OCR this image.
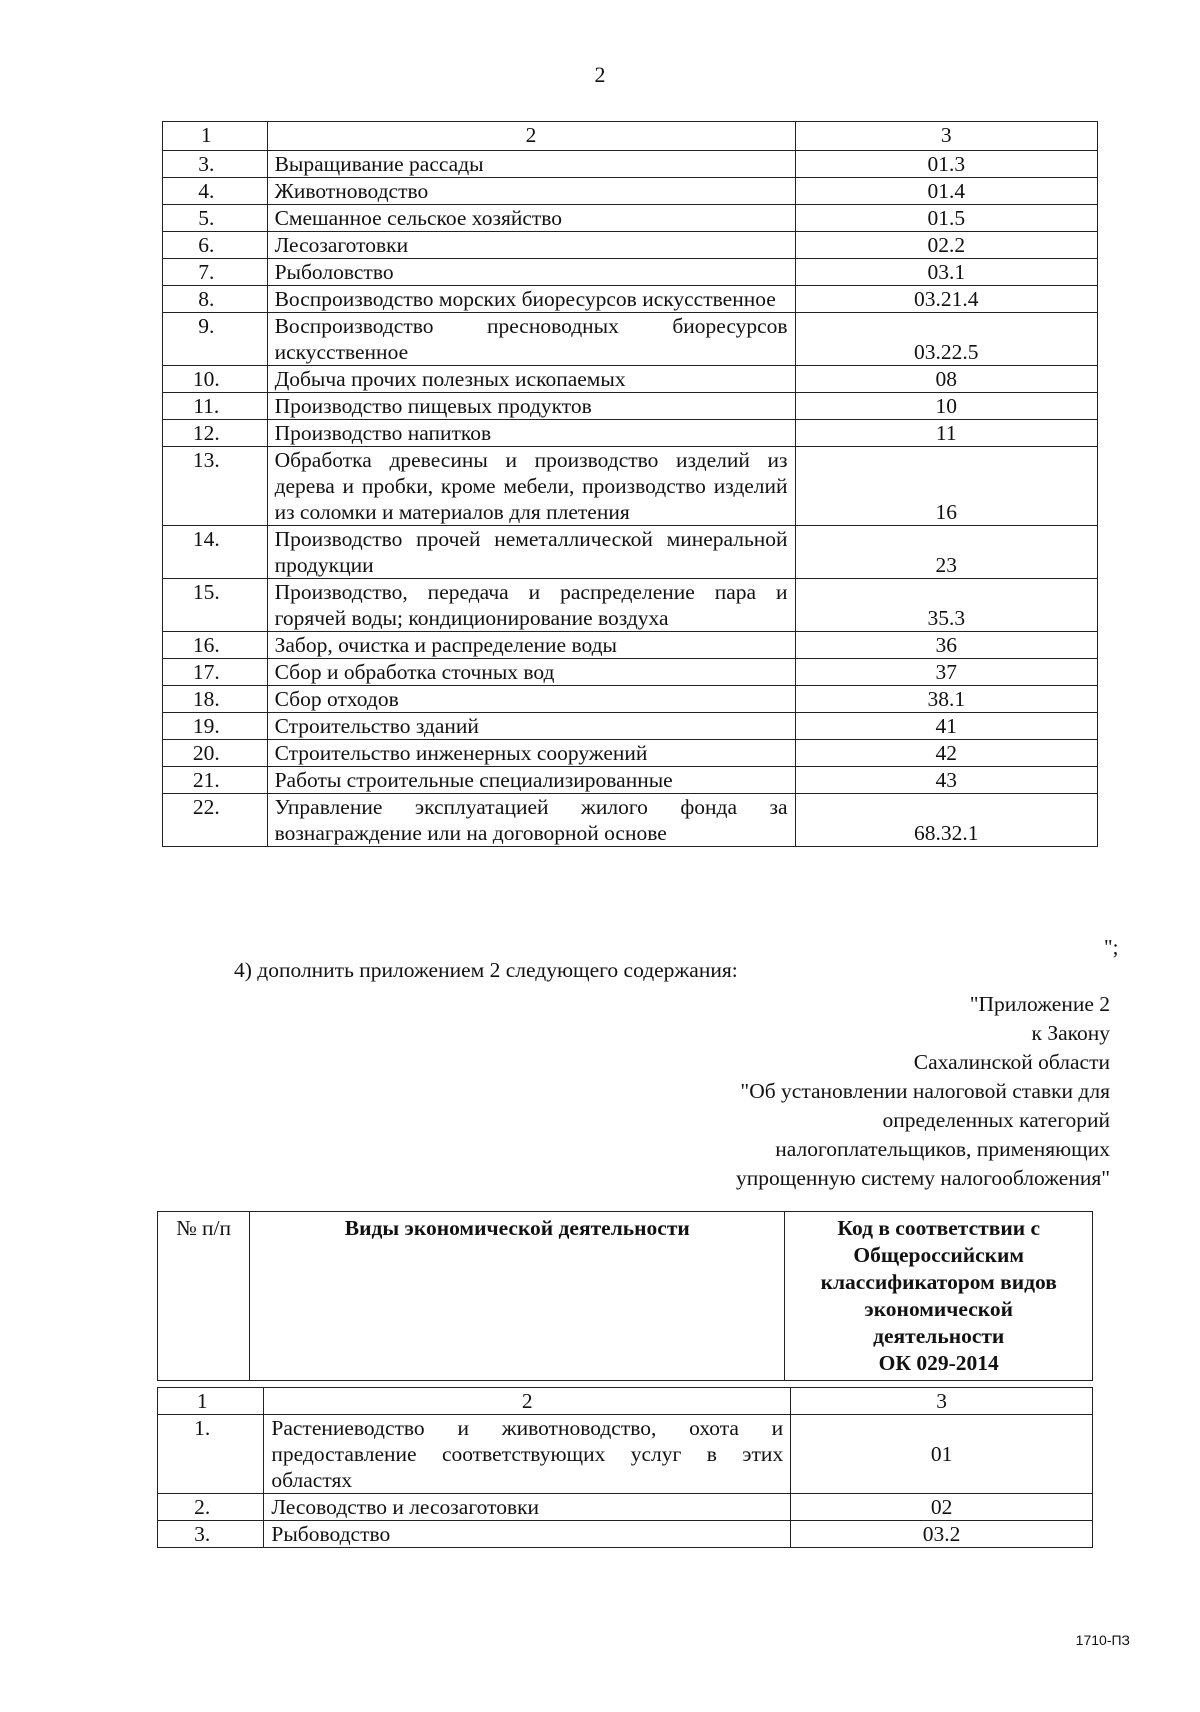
2
1	2	3
3.	Выращивание рассады	01.3
4.	Животноводство	01.4
5.	Смешанное сельское хозяйство	01.5
6.	Лесозаготовки	02.2
7.	Рыболовство	03.1
8.	Воспроизводство морских биоресурсов искусственное	03.21.4
9.	Воспроизводство пресноводных биоресурсов искусственное	03.22.5
10.	Добыча прочих полезных ископаемых	08
11.	Производство пищевых продуктов	10
12.	Производство напитков	11
13.	Обработка древесины и производство изделий из дерева и пробки, кроме мебели, производство изделий из соломки и материалов для плетения	16
14.	Производство прочей неметаллической минеральной продукции	23
15.	Производство, передача и распределение пара и горячей воды; кондиционирование воздуха	35.3
16.	Забор, очистка и распределение воды	36
17.	Сбор и обработка сточных вод	37
18.	Сбор отходов	38.1
19.	Строительство зданий	41
20.	Строительство инженерных сооружений	42
21.	Работы строительные специализированные	43
22.	Управление эксплуатацией жилого фонда за вознаграждение или на договорной основе	68.32.1
";
4) дополнить приложением 2 следующего содержания:
"Приложение 2
к Закону
Сахалинской области
"Об установлении налоговой ставки для
определенных категорий
налогоплательщиков, применяющих
упрощенную систему налогообложения"
№ п/п	Виды экономической деятельности	Код в соответствии с
Общероссийским
классификатором видов
экономической
деятельности
ОК 029-2014
1	2	3
1.	Растениеводство и животноводство, охота и предоставление соответствующих услуг в этих областях	01
2.	Лесоводство и лесозаготовки	02
3.	Рыбоводство	03.2
1710-ПЗ
